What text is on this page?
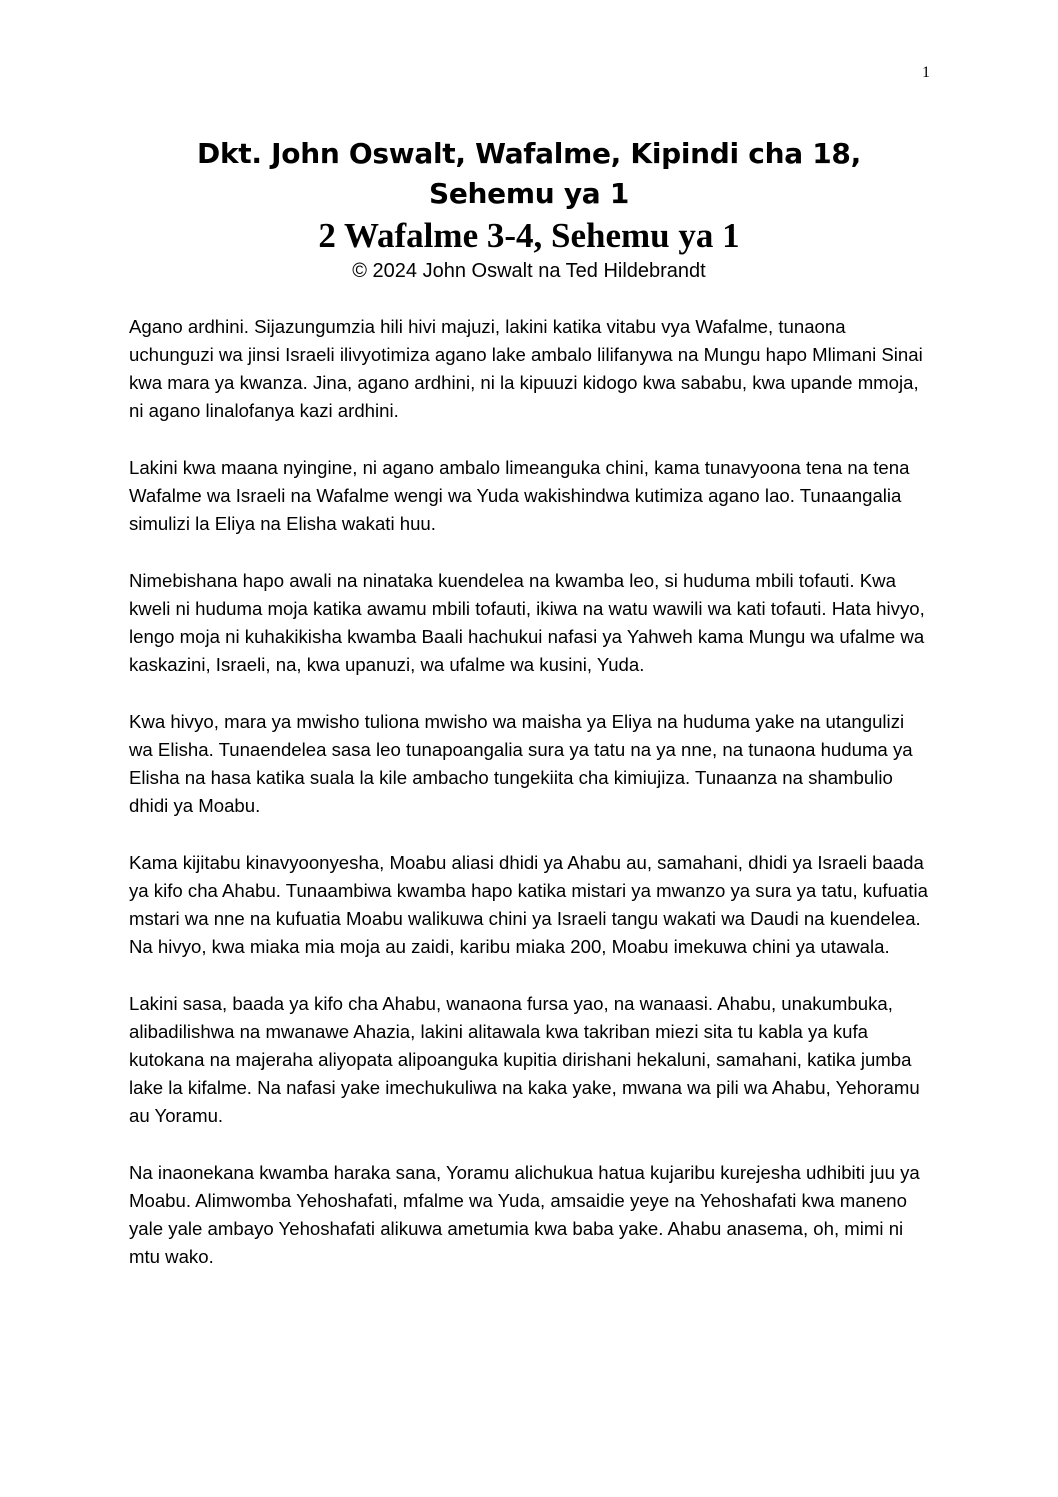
1
Dkt. John Oswalt, Wafalme, Kipindi cha 18, Sehemu ya 1
2 Wafalme 3-4, Sehemu ya 1

© 2024 John Oswalt na Ted Hildebrandt

Agano ardhini. Sijazungumzia hili hivi majuzi, lakini katika vitabu vya Wafalme, tunaona uchunguzi wa jinsi Israeli ilivyotimiza agano lake ambalo lilifanywa na Mungu hapo Mlimani Sinai kwa mara ya kwanza. Jina, agano ardhini, ni la kipuuzi kidogo kwa sababu, kwa upande mmoja, ni agano linalofanya kazi ardhini.

Lakini kwa maana nyingine, ni agano ambalo limeanguka chini, kama tunavyoona tena na tena Wafalme wa Israeli na Wafalme wengi wa Yuda wakishindwa kutimiza agano lao. Tunaangalia simulizi la Eliya na Elisha wakati huu.

Nimebishana hapo awali na ninataka kuendelea na kwamba leo, si huduma mbili tofauti. Kwa kweli ni huduma moja katika awamu mbili tofauti, ikiwa na watu wawili wa kati tofauti. Hata hivyo, lengo moja ni kuhakikisha kwamba Baali hachukui nafasi ya Yahweh kama Mungu wa ufalme wa kaskazini, Israeli, na, kwa upanuzi, wa ufalme wa kusini, Yuda.

Kwa hivyo, mara ya mwisho tuliona mwisho wa maisha ya Eliya na huduma yake na utangulizi wa Elisha. Tunaendelea sasa leo tunapoangalia sura ya tatu na ya nne, na tunaona huduma ya Elisha na hasa katika suala la kile ambacho tungekiita cha kimiujiza. Tunaanza na shambulio dhidi ya Moabu.

Kama kijitabu kinavyoonyesha, Moabu aliasi dhidi ya Ahabu au, samahani, dhidi ya Israeli baada ya kifo cha Ahabu. Tunaambiwa kwamba hapo katika mistari ya mwanzo ya sura ya tatu, kufuatia mstari wa nne na kufuatia Moabu walikuwa chini ya Israeli tangu wakati wa Daudi na kuendelea. Na hivyo, kwa miaka mia moja au zaidi, karibu miaka 200, Moabu imekuwa chini ya utawala.

Lakini sasa, baada ya kifo cha Ahabu, wanaona fursa yao, na wanaasi. Ahabu, unakumbuka, alibadilishwa na mwanawe Ahazia, lakini alitawala kwa takriban miezi sita tu kabla ya kufa kutokana na majeraha aliyopata alipoanguka kupitia dirishani hekaluni, samahani, katika jumba lake la kifalme. Na nafasi yake imechukuliwa na kaka yake, mwana wa pili wa Ahabu, Yehoramu au Yoramu.

Na inaonekana kwamba haraka sana, Yoramu alichukua hatua kujaribu kurejesha udhibiti juu ya Moabu. Alimwomba Yehoshafati, mfalme wa Yuda, amsaidie yeye na Yehoshafati kwa maneno yale yale ambayo Yehoshafati alikuwa ametumia kwa baba yake. Ahabu anasema, oh, mimi ni mtu wako.
